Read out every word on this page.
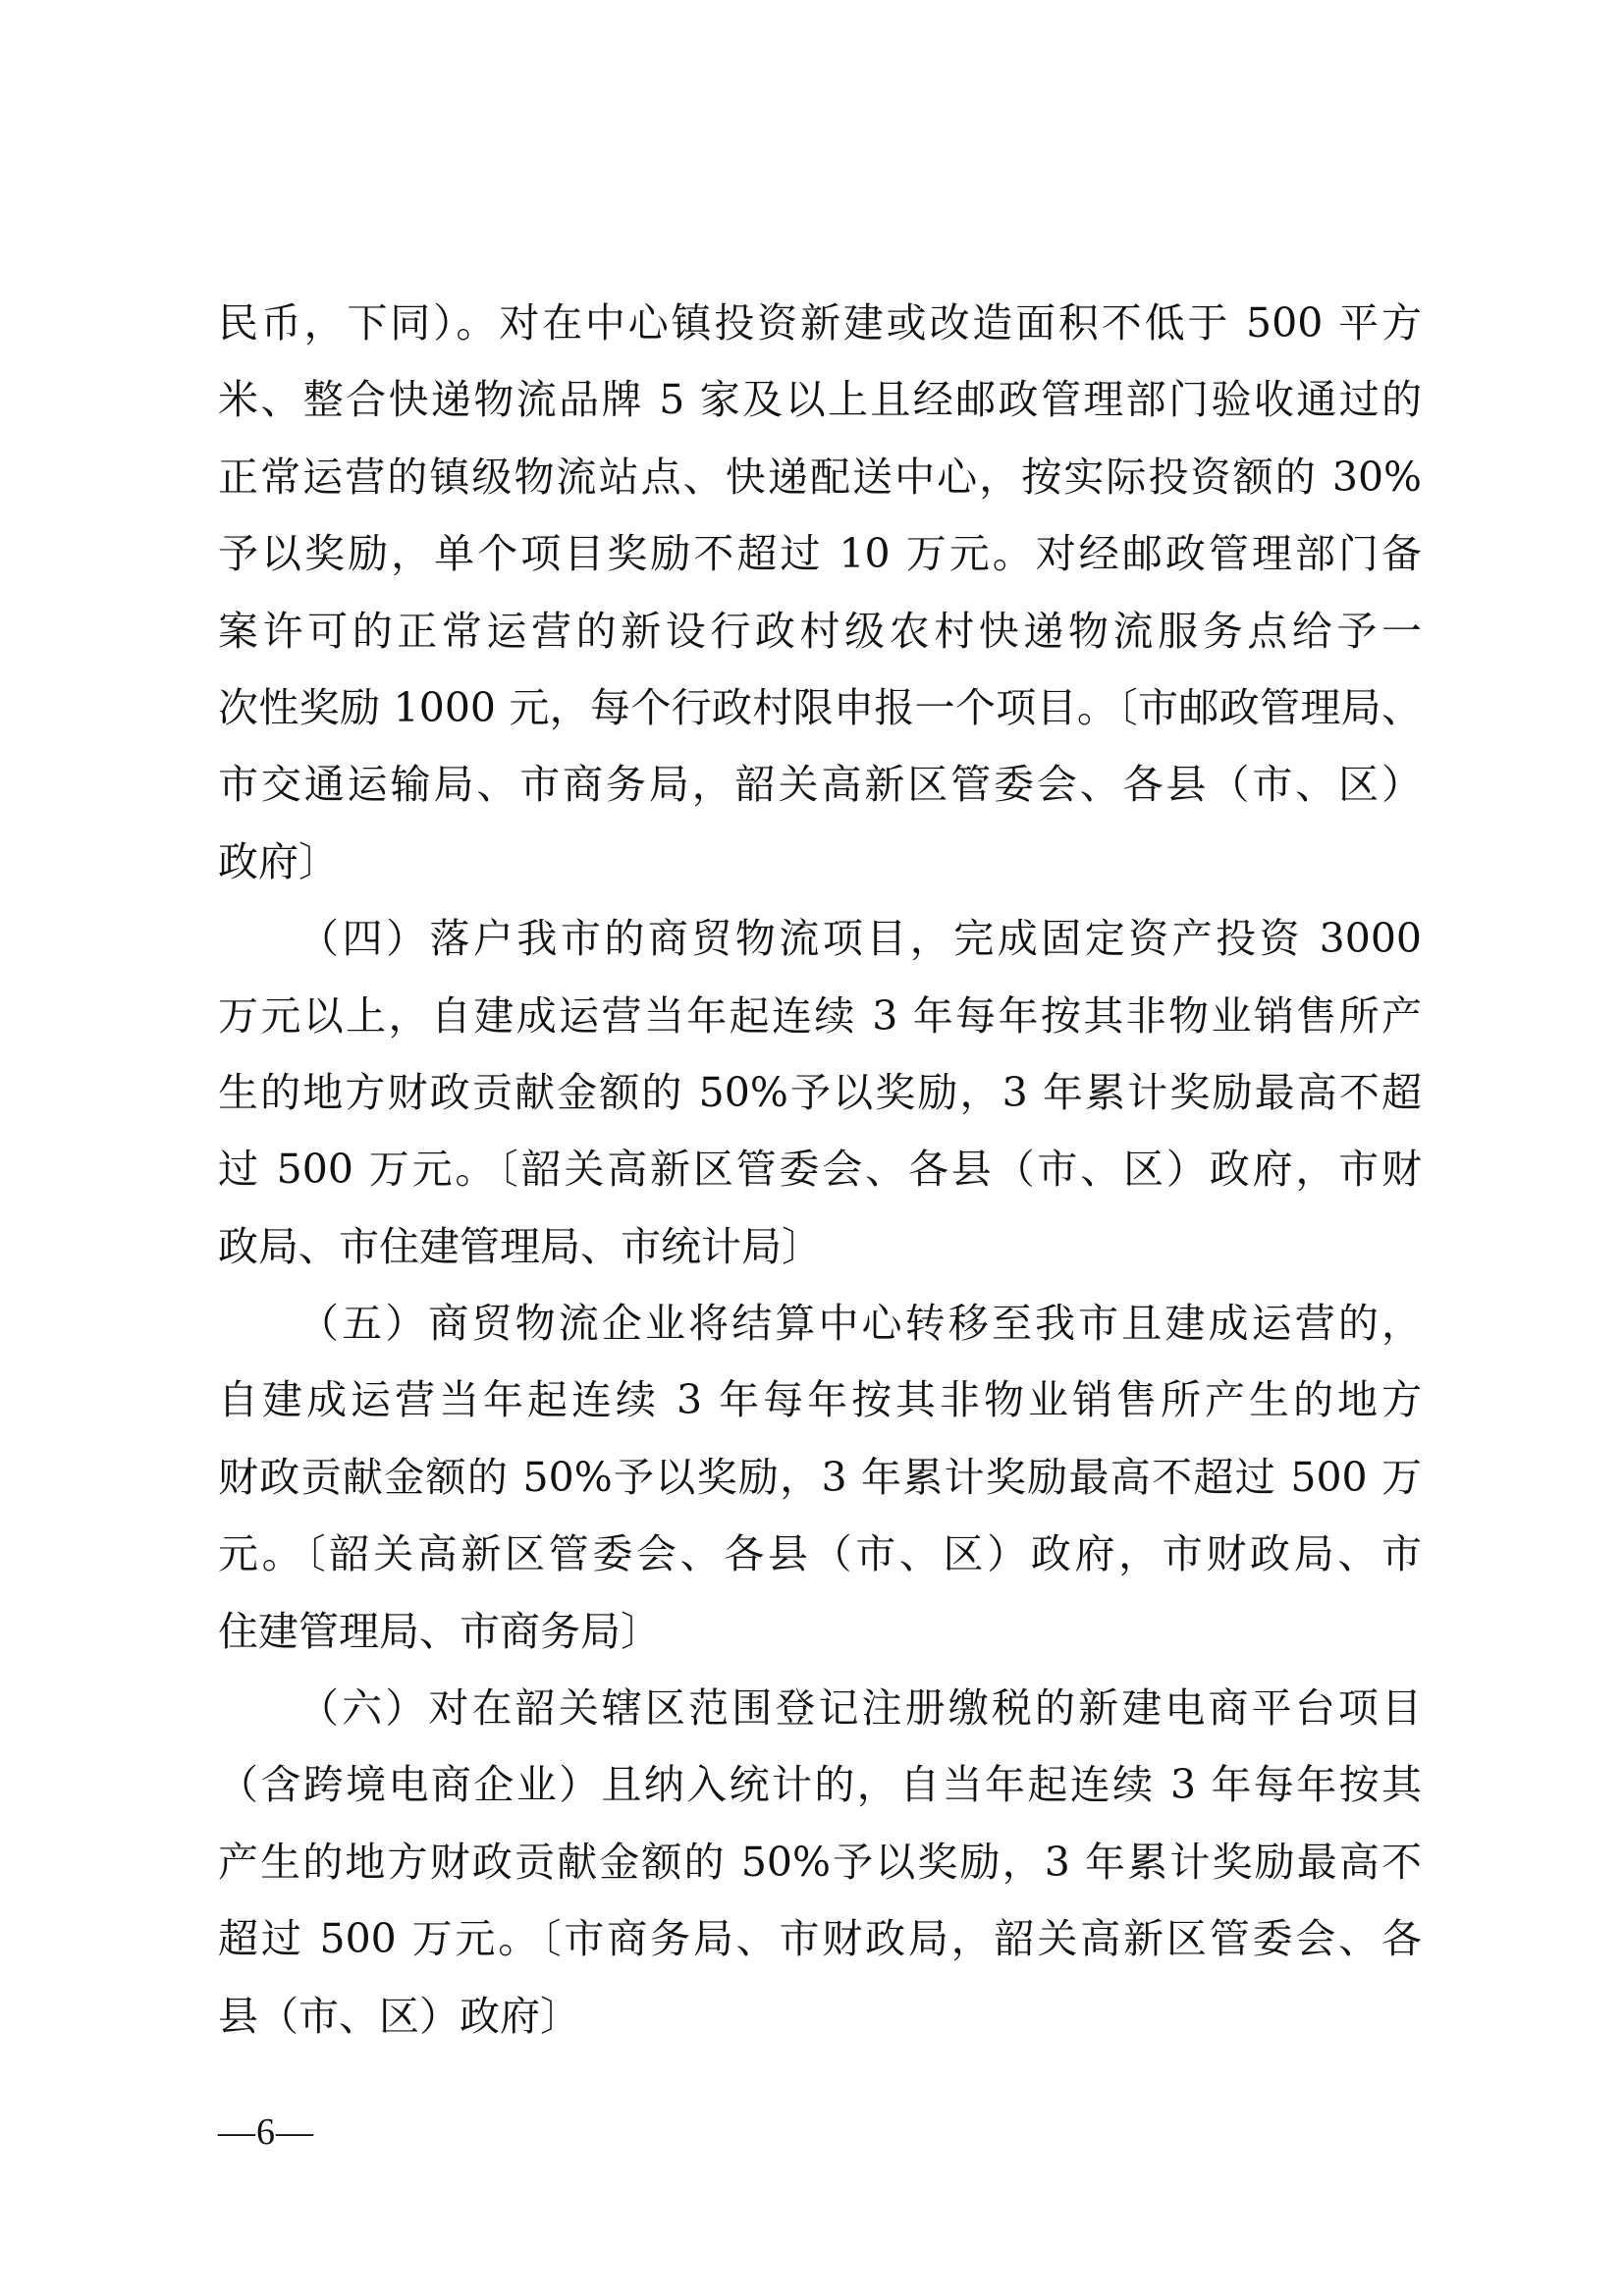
民币，下同）。对在中心镇投资新建或改造面积不低于 500 平方
米、整合快递物流品牌 5 家及以上且经邮政管理部门验收通过的
正常运营的镇级物流站点、快递配送中心，按实际投资额的 30%
予以奖励，单个项目奖励不超过 10 万元。对经邮政管理部门备
案许可的正常运营的新设行政村级农村快递物流服务点给予一
次性奖励 1000 元，每个行政村限申报一个项目。〔市邮政管理局、
市交通运输局、市商务局，韶关高新区管委会、各县（市、区）
政府〕
（四）落户我市的商贸物流项目，完成固定资产投资 3000
万元以上，自建成运营当年起连续 3 年每年按其非物业销售所产
生的地方财政贡献金额的 50%予以奖励，3 年累计奖励最高不超
过 500 万元。〔韶关高新区管委会、各县（市、区）政府，市财
政局、市住建管理局、市统计局〕
（五）商贸物流企业将结算中心转移至我市且建成运营的，
自建成运营当年起连续 3 年每年按其非物业销售所产生的地方
财政贡献金额的 50%予以奖励，3 年累计奖励最高不超过 500 万
元。〔韶关高新区管委会、各县（市、区）政府，市财政局、市
住建管理局、市商务局〕
（六）对在韶关辖区范围登记注册缴税的新建电商平台项目
（含跨境电商企业）且纳入统计的，自当年起连续 3 年每年按其
产生的地方财政贡献金额的 50%予以奖励，3 年累计奖励最高不
超过 500 万元。〔市商务局、市财政局，韶关高新区管委会、各
县（市、区）政府〕
—6—
